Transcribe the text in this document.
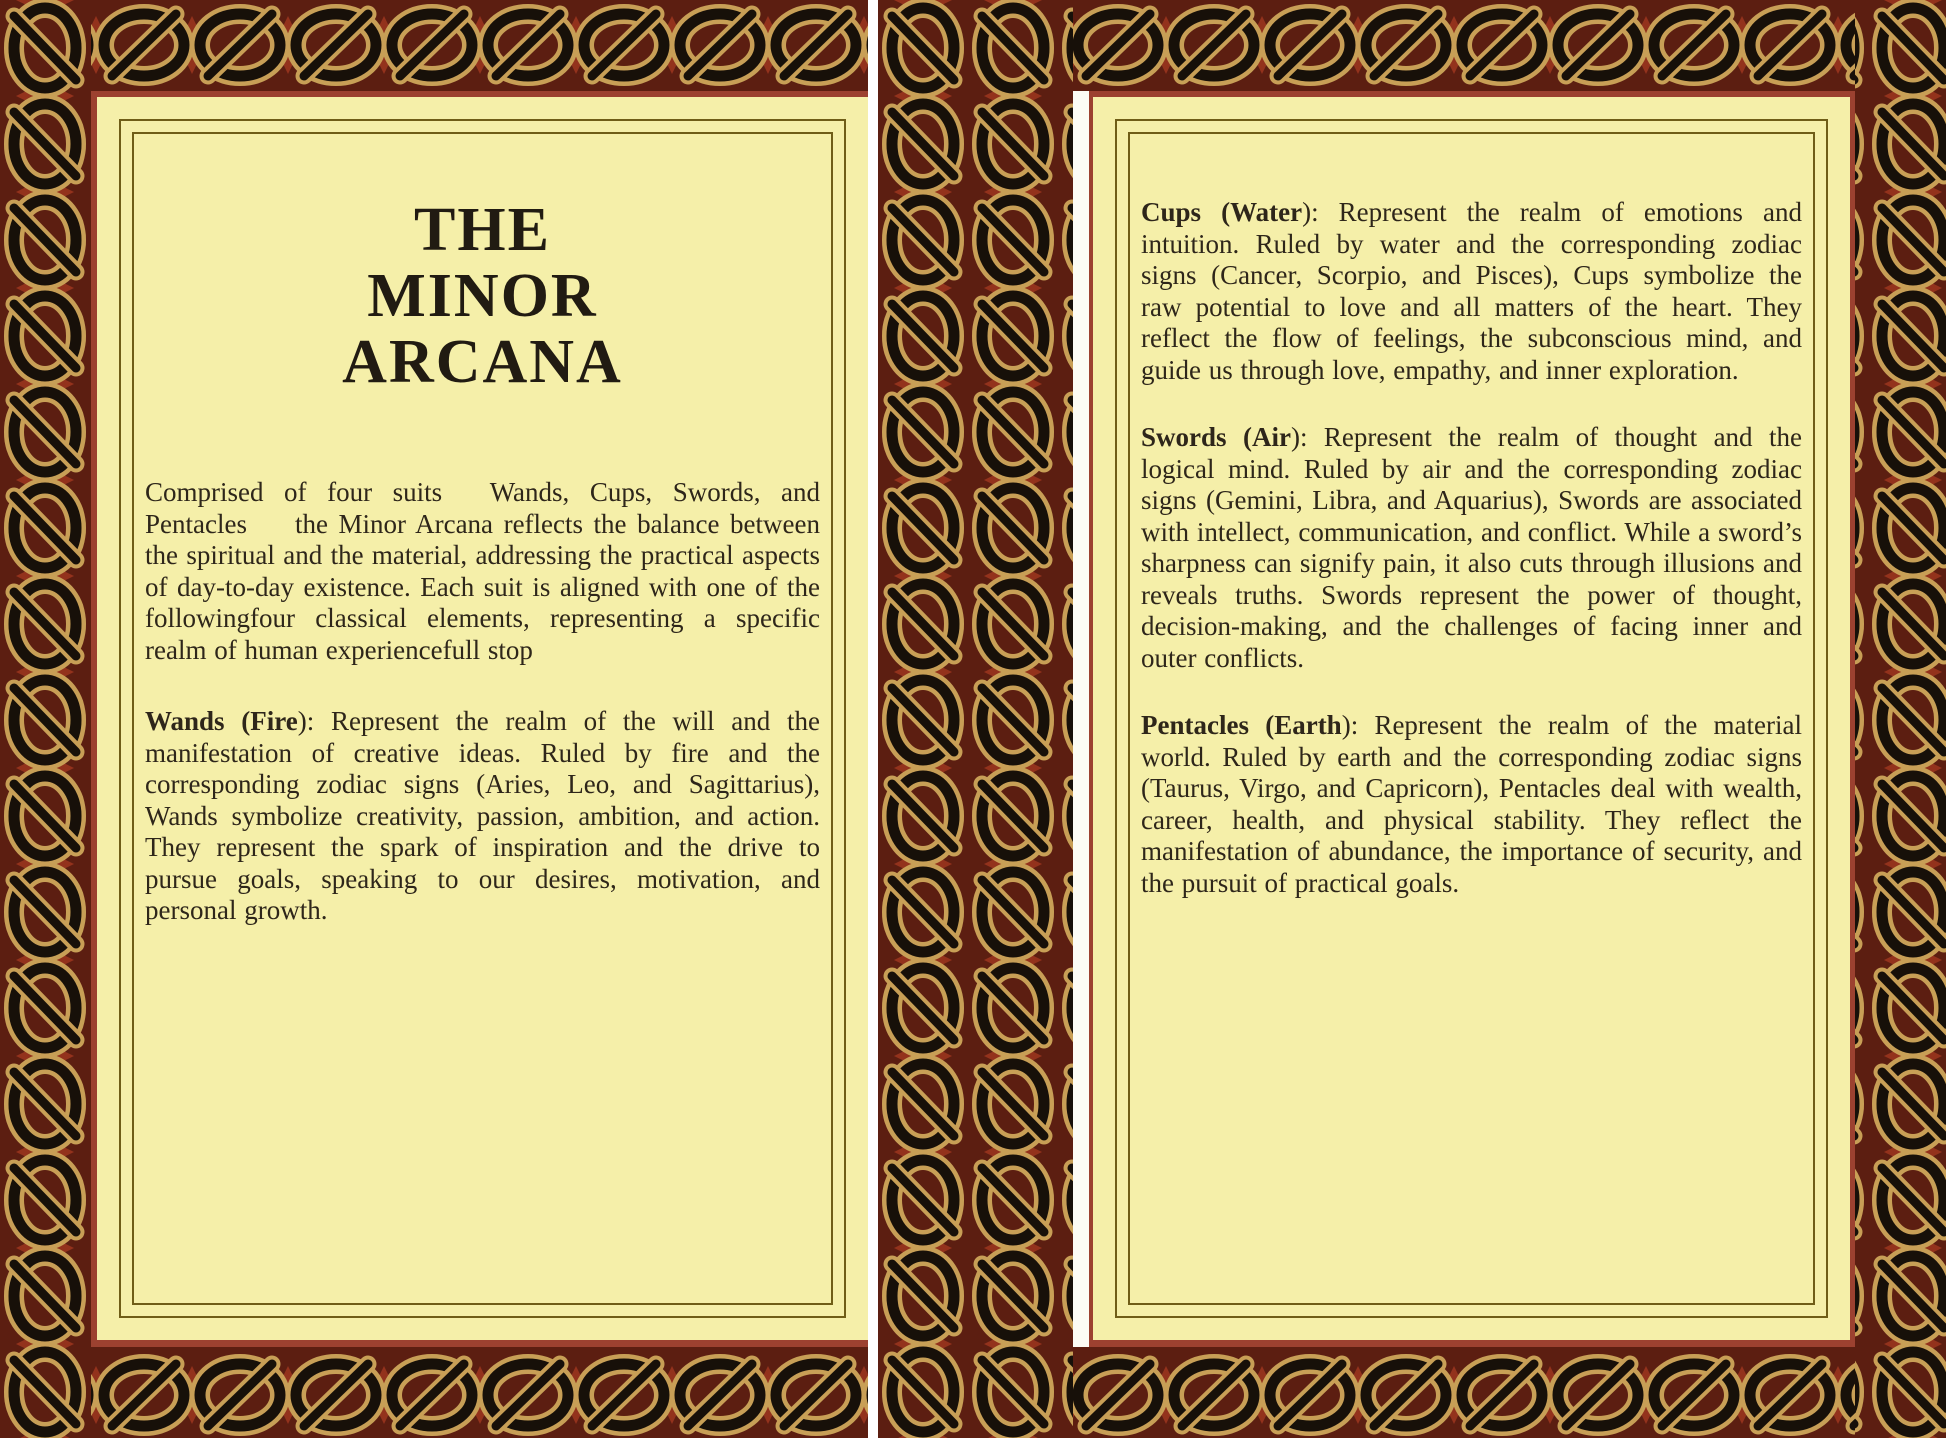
THE
MINOR
ARCANA

Comprised of four suits  Wands, Cups, Swords, and Pentacles   the Minor Arcana reflects the balance between the spiritual and the material, addressing the practical aspects of day-to-day existence. Each suit is aligned with one of the followingfour classical elements, representing a specific realm of human experiencefull stop

Wands (Fire): Represent the realm of the will and the manifestation of creative ideas. Ruled by fire and the corresponding zodiac signs (Aries, Leo, and Sagittarius), Wands symbolize creativity, passion, ambition, and action. They represent the spark of inspiration and the drive to pursue goals, speaking to our desires, motivation, and personal growth.

Cups (Water): Represent the realm of emotions and intuition. Ruled by water and the corresponding zodiac signs (Cancer, Scorpio, and Pisces), Cups symbolize the raw potential to love and all matters of the heart. They reflect the flow of feelings, the subconscious mind, and guide us through love, empathy, and inner exploration.

Swords (Air): Represent the realm of thought and the logical mind. Ruled by air and the corresponding zodiac signs (Gemini, Libra, and Aquarius), Swords are associated with intellect, communication, and conflict. While a sword’s sharpness can signify pain, it also cuts through illusions and reveals truths. Swords represent the power of thought, decision-making, and the challenges of facing inner and outer conflicts.

Pentacles (Earth): Represent the realm of the material world. Ruled by earth and the corresponding zodiac signs (Taurus, Virgo, and Capricorn), Pentacles deal with wealth, career, health, and physical stability. They reflect the manifestation of abundance, the importance of security, and the pursuit of practical goals.
